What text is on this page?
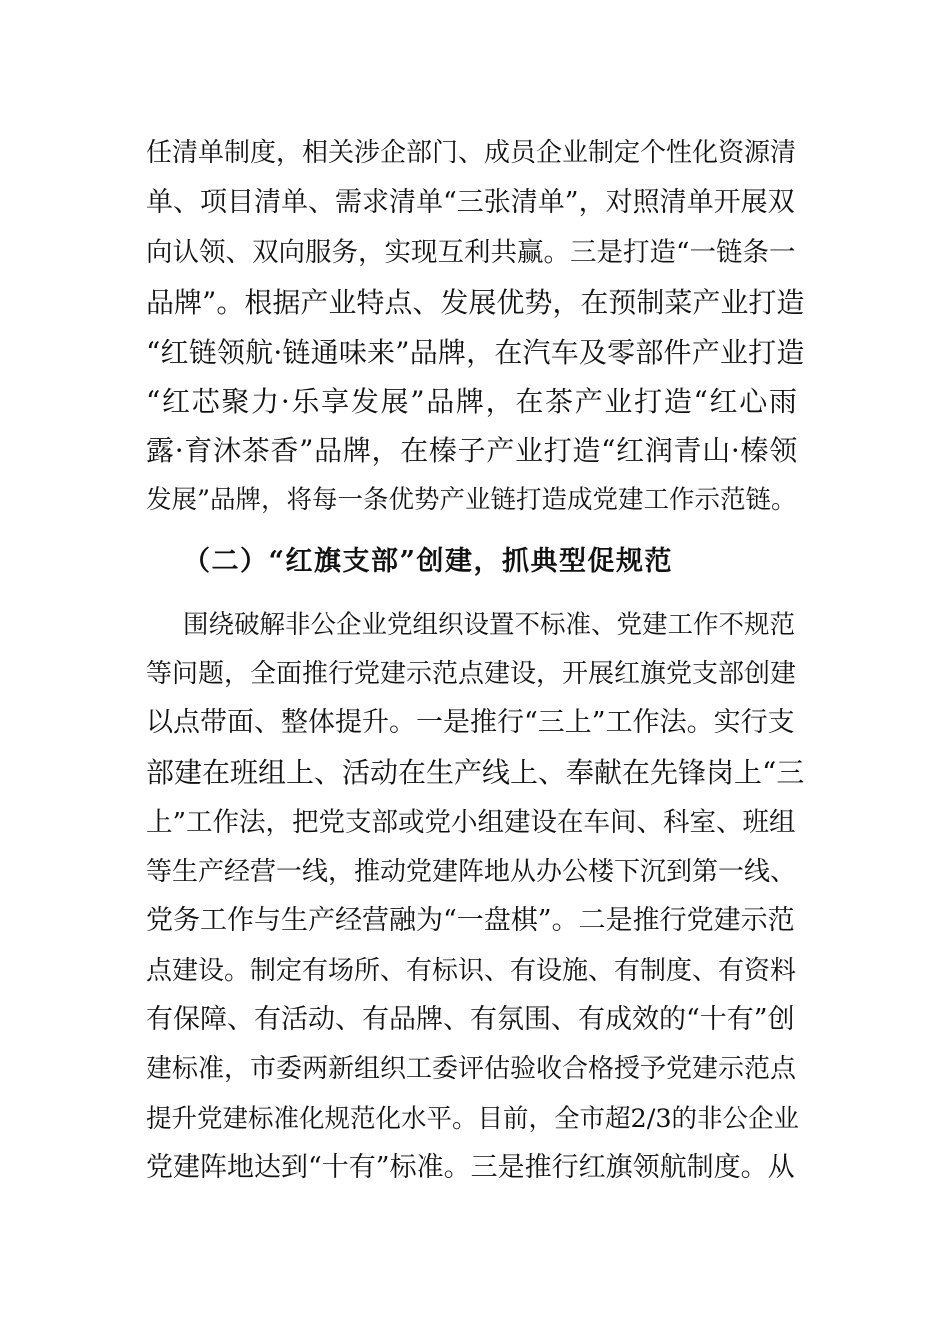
任清单制度，相关涉企部门、成员企业制定个性化资源清
单、项目清单、需求清单“三张清单”，对照清单开展双
向认领、双向服务，实现互利共赢。三是打造“一链条一
品牌”。根据产业特点、发展优势，在预制菜产业打造
“红链领航·链通味来”品牌，在汽车及零部件产业打造
“红芯聚力·乐享发展”品牌，在茶产业打造“红心雨
露·育沐茶香”品牌，在榛子产业打造“红润青山·榛领
发展”品牌，将每一条优势产业链打造成党建工作示范链。
（二）“红旗支部”创建，抓典型促规范
围绕破解非公企业党组织设置不标准、党建工作不规范
等问题，全面推行党建示范点建设，开展红旗党支部创建
以点带面、整体提升。一是推行“三上”工作法。实行支
部建在班组上、活动在生产线上、奉献在先锋岗上“三
上”工作法，把党支部或党小组建设在车间、科室、班组
等生产经营一线，推动党建阵地从办公楼下沉到第一线、
党务工作与生产经营融为“一盘棋”。二是推行党建示范
点建设。制定有场所、有标识、有设施、有制度、有资料
有保障、有活动、有品牌、有氛围、有成效的“十有”创
建标准，市委两新组织工委评估验收合格授予党建示范点
提升党建标准化规范化水平。目前，全市超2/3的非公企业
党建阵地达到“十有”标准。三是推行红旗领航制度。从
